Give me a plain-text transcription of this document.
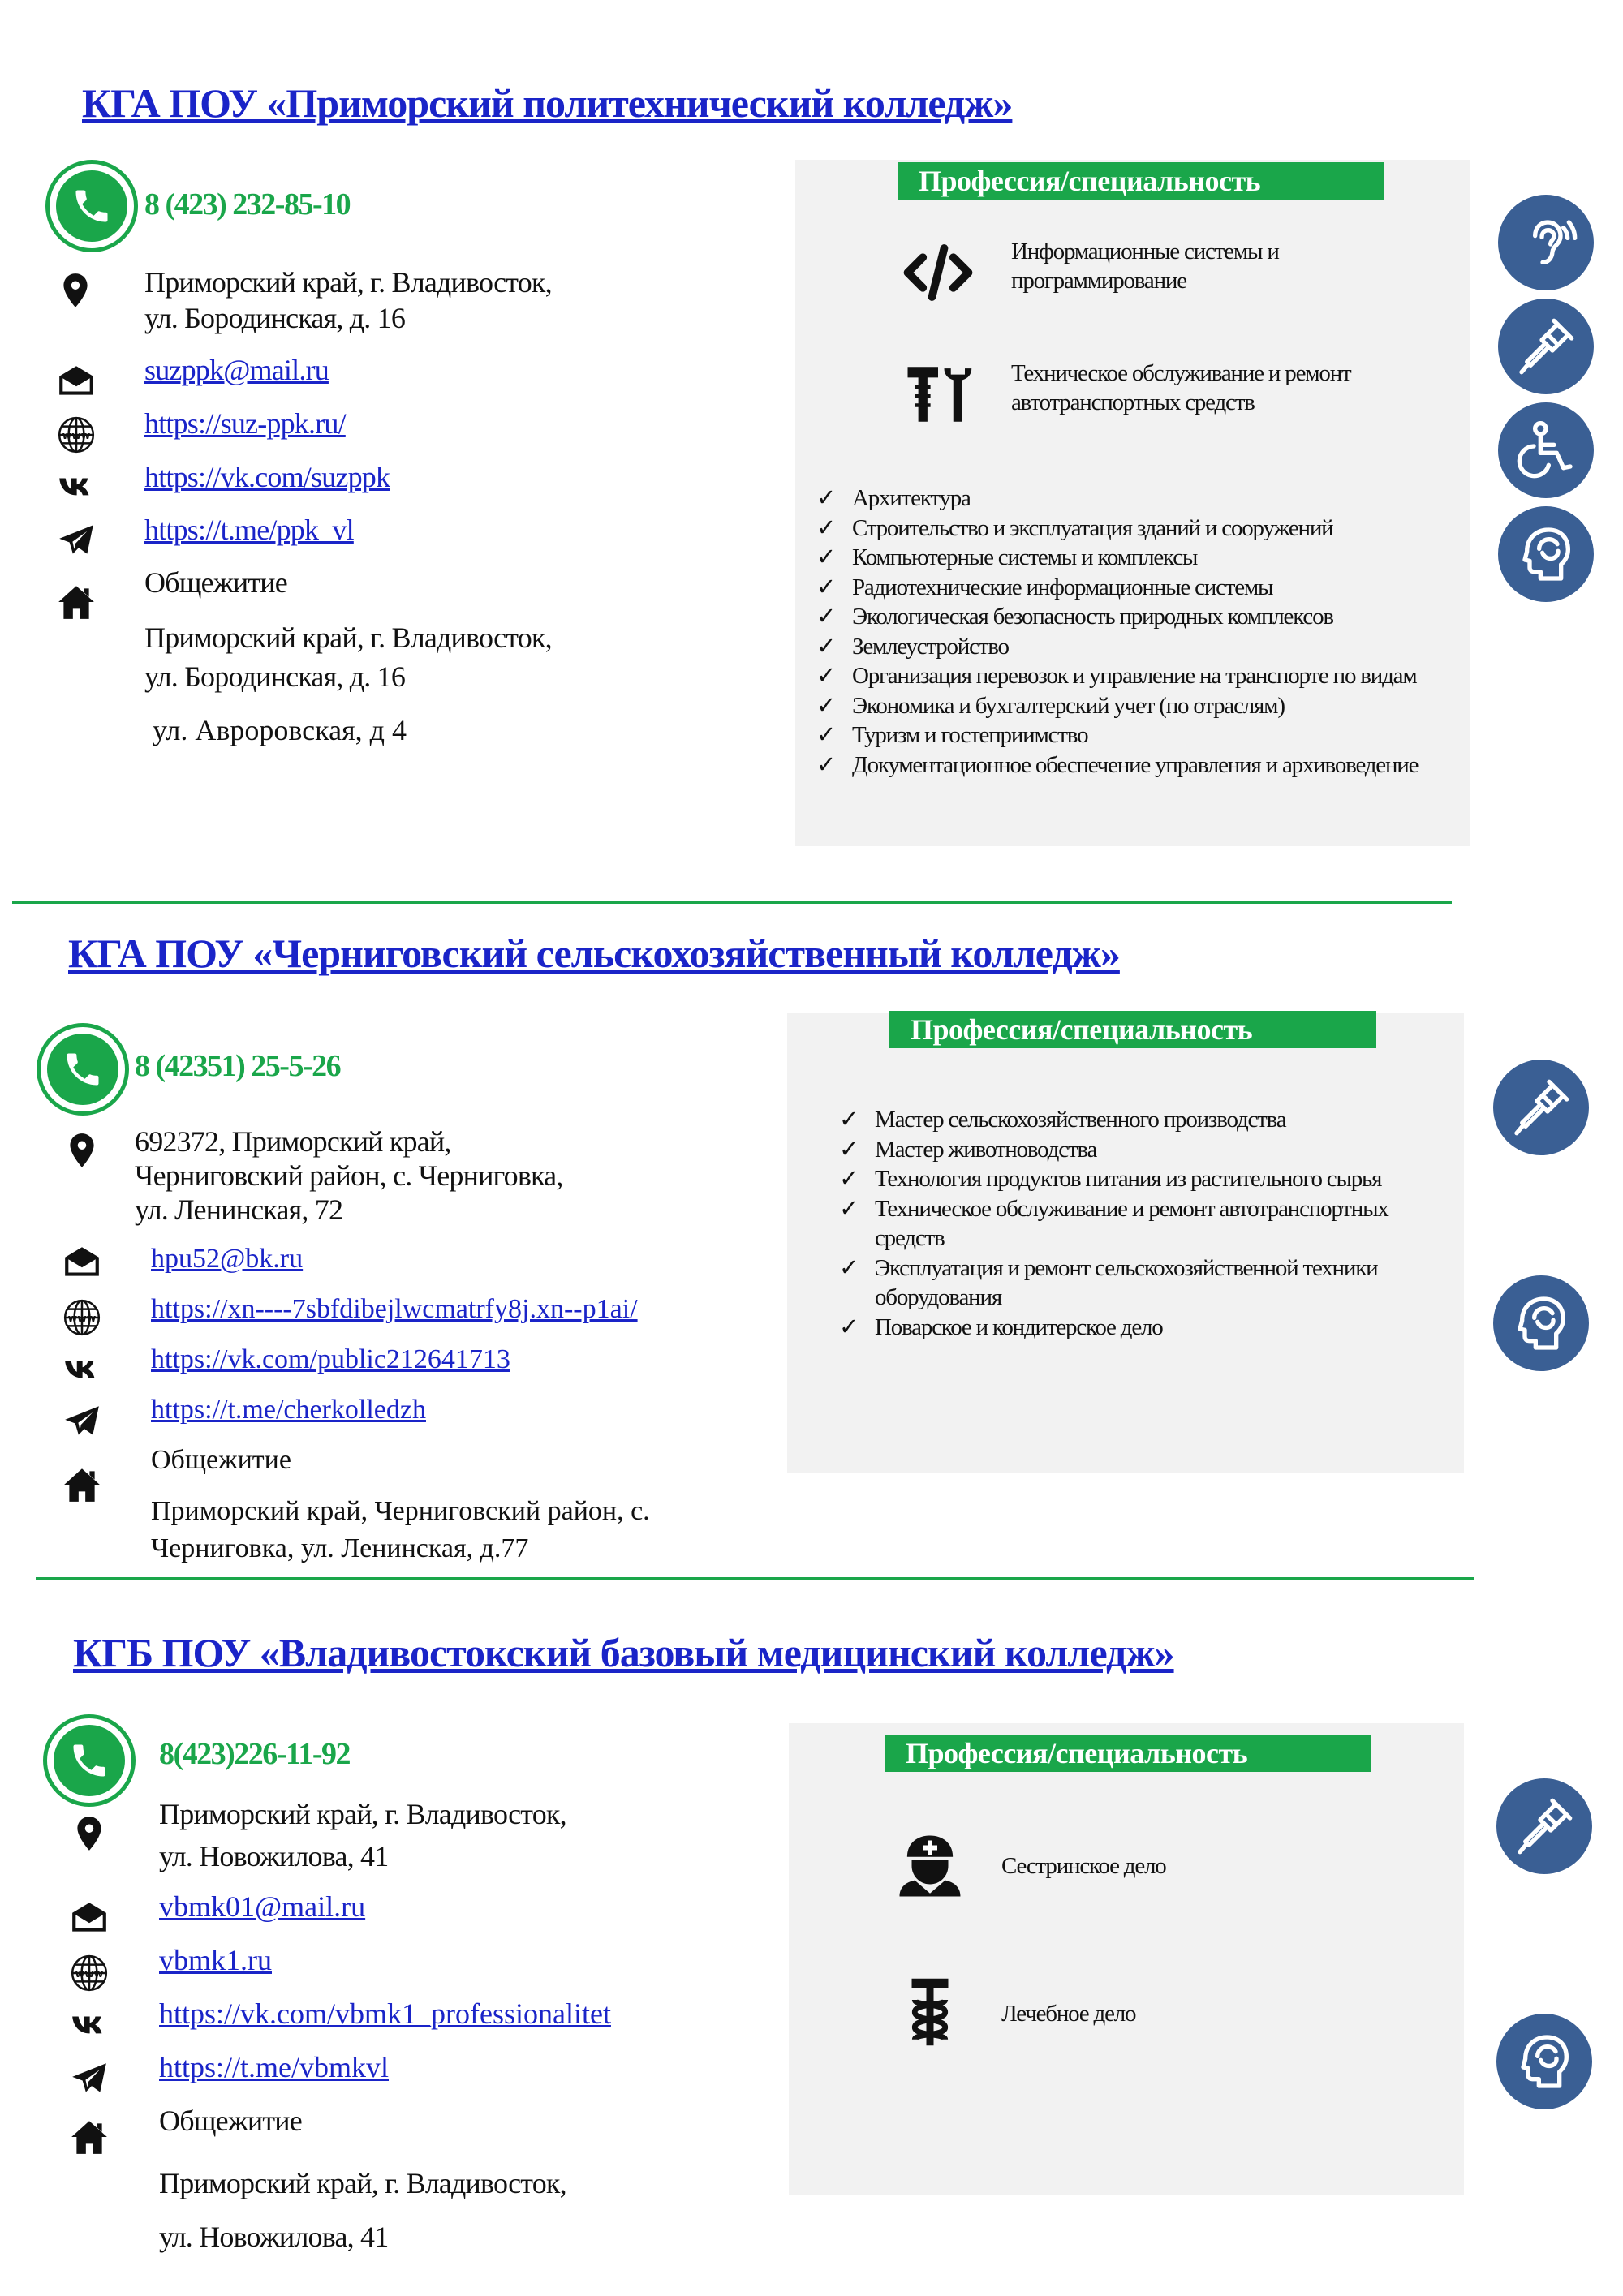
КГА ПОУ «Приморский политехнический колледж»
8 (423) 232-85-10
Приморский край, г. Владивосток,
ул. Бородинская, д. 16
suzppk@mail.ru
https://suz-ppk.ru/
https://vk.com/suzppk
https://t.me/ppk_vl
Общежитие
Приморский край, г. Владивосток,
ул. Бородинская, д. 16
ул. Авроровская, д 4
Профессия/специальность
Информационные системы и
программирование
Техническое обслуживание и ремонт
автотранспортных средств
✓ Архитектура
✓ Строительство и эксплуатация зданий и сооружений
✓ Компьютерные системы и комплексы
✓ Радиотехнические информационные системы
✓ Экологическая безопасность природных комплексов
✓ Землеустройство
✓ Организация перевозок и управление на транспорте по видам
✓ Экономика и бухгалтерский учет (по отраслям)
✓ Туризм и гостеприимство
✓ Документационное обеспечение управления и архивоведение
КГА ПОУ «Черниговский сельскохозяйственный колледж»
8 (42351) 25-5-26
692372, Приморский край,
Черниговский район, с. Черниговка,
ул. Ленинская, 72
hpu52@bk.ru
https://xn----7sbfdibejlwcmatrfy8j.xn--p1ai/
https://vk.com/public212641713
https://t.me/cherkolledzh
Общежитие
Приморский край, Черниговский район, с.
Черниговка, ул. Ленинская, д.77
Профессия/специальность
✓ Мастер сельскохозяйственного производства
✓ Мастер животноводства
✓ Технология продуктов питания из растительного сырья
✓ Техническое обслуживание и ремонт автотранспортных средств
✓ Эксплуатация и ремонт сельскохозяйственной техники оборудования
✓ Поварское и кондитерское дело
КГБ ПОУ «Владивостокский базовый медицинский колледж»
8(423)226-11-92
Приморский край, г. Владивосток,
ул. Новожилова, 41
vbmk01@mail.ru
vbmk1.ru
https://vk.com/vbmk1_professionalitet
https://t.me/vbmkvl
Общежитие
Приморский край, г. Владивосток,
ул. Новожилова, 41
Профессия/специальность
Сестринское дело
Лечебное дело
